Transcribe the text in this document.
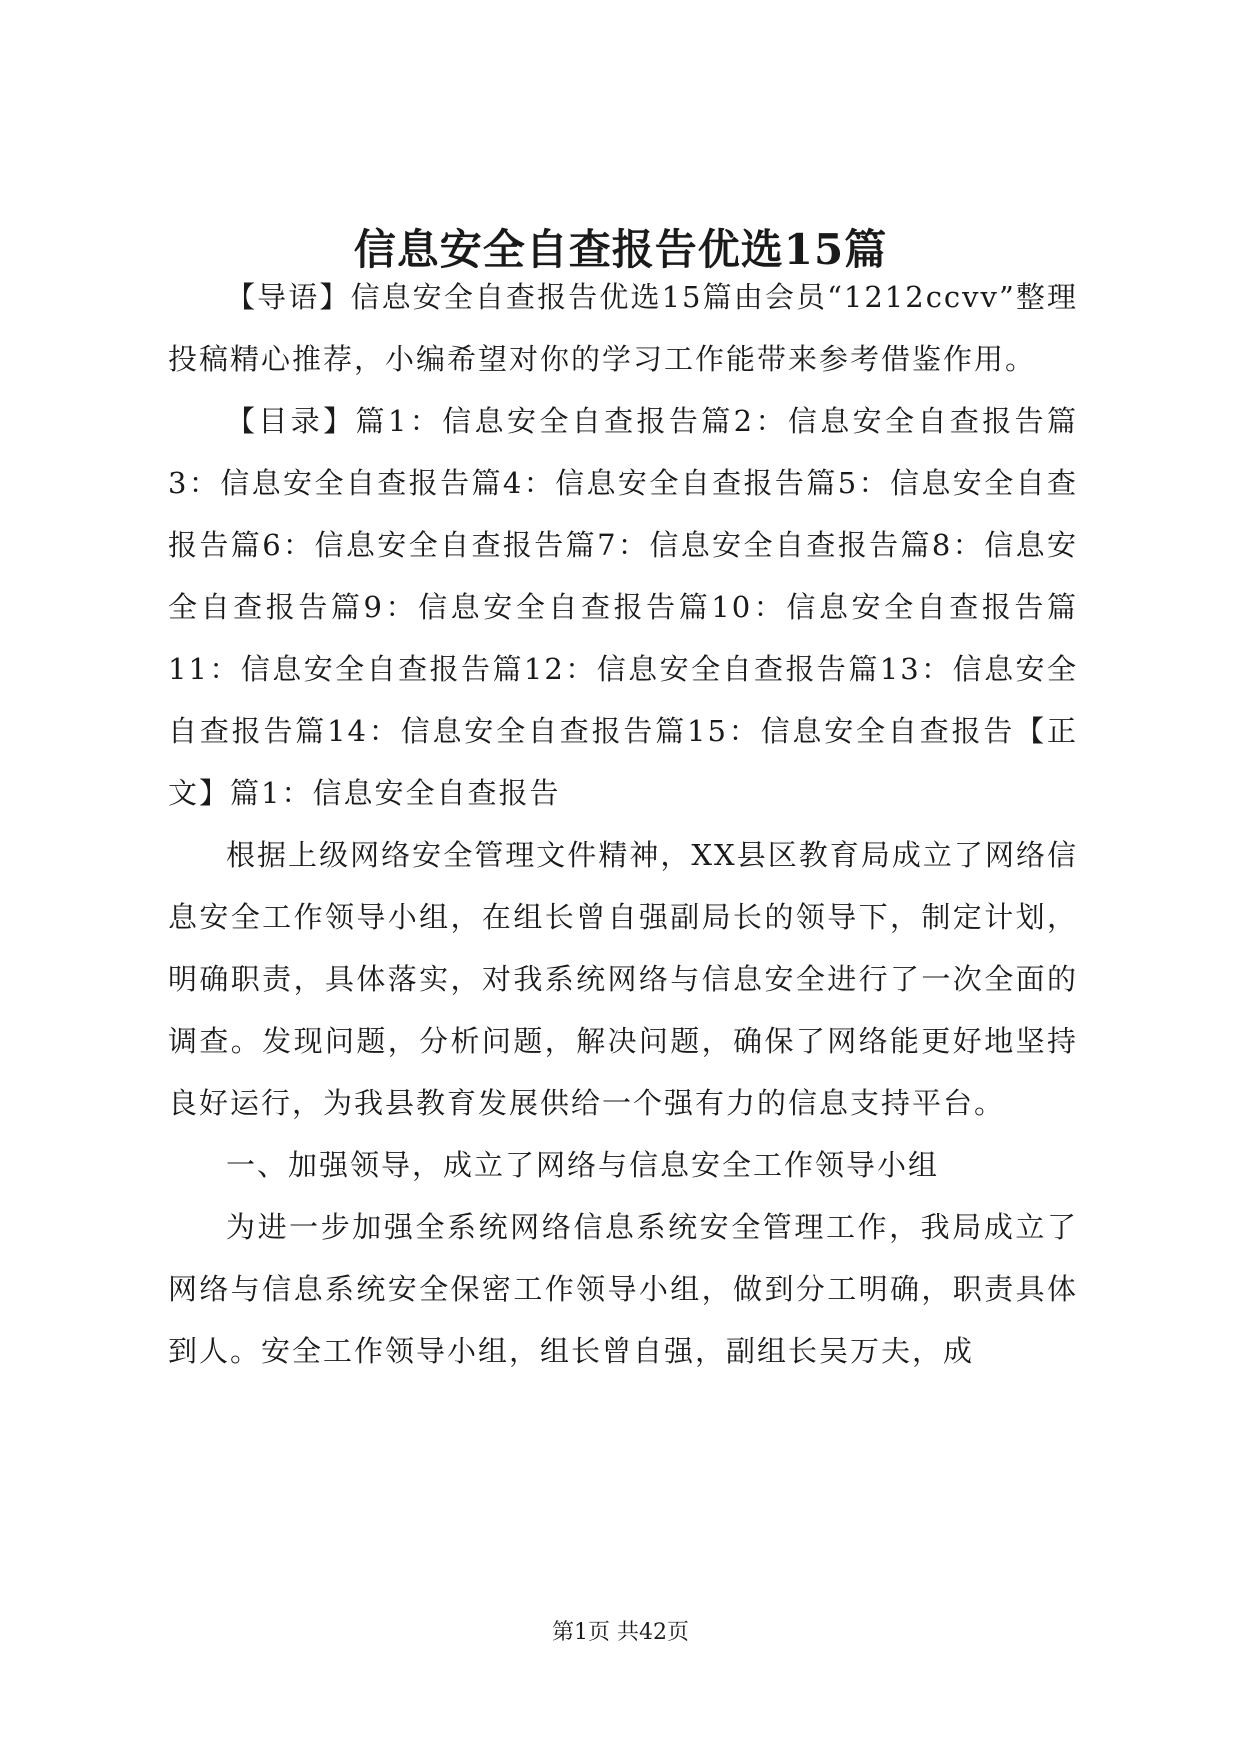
信息安全自查报告优选15篇

【导语】信息安全自查报告优选15篇由会员“1212ccvv”整理投稿精心推荐，小编希望对你的学习工作能带来参考借鉴作用。

【目录】篇1：信息安全自查报告篇2：信息安全自查报告篇3：信息安全自查报告篇4：信息安全自查报告篇5：信息安全自查报告篇6：信息安全自查报告篇7：信息安全自查报告篇8：信息安全自查报告篇9：信息安全自查报告篇10：信息安全自查报告篇11：信息安全自查报告篇12：信息安全自查报告篇13：信息安全自查报告篇14：信息安全自查报告篇15：信息安全自查报告【正文】篇1：信息安全自查报告

根据上级网络安全管理文件精神，XX县区教育局成立了网络信息安全工作领导小组，在组长曾自强副局长的领导下，制定计划，明确职责，具体落实，对我系统网络与信息安全进行了一次全面的调查。发现问题，分析问题，解决问题，确保了网络能更好地坚持良好运行，为我县教育发展供给一个强有力的信息支持平台。

一、加强领导，成立了网络与信息安全工作领导小组

为进一步加强全系统网络信息系统安全管理工作，我局成立了网络与信息系统安全保密工作领导小组，做到分工明确，职责具体到人。安全工作领导小组，组长曾自强，副组长吴万夫，成

第1页 共42页
